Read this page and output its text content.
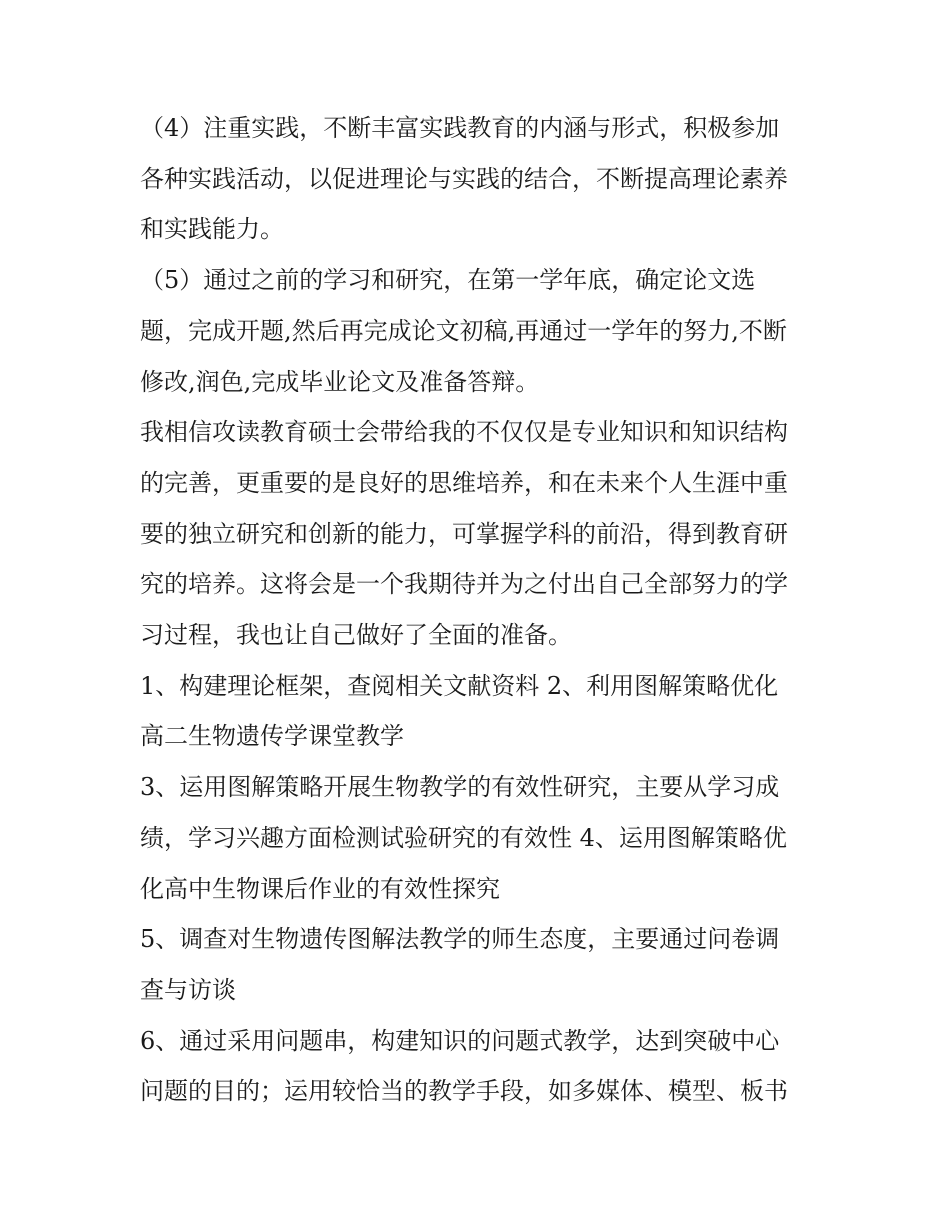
（4）注重实践，不断丰富实践教育的内涵与形式，积极参加

各种实践活动，以促进理论与实践的结合，不断提高理论素养

和实践能力。

（5）通过之前的学习和研究，在第一学年底，确定论文选

题，完成开题,然后再完成论文初稿,再通过一学年的努力,不断

修改,润色,完成毕业论文及准备答辩。

我相信攻读教育硕士会带给我的不仅仅是专业知识和知识结构

的完善，更重要的是良好的思维培养，和在未来个人生涯中重

要的独立研究和创新的能力，可掌握学科的前沿，得到教育研

究的培养。这将会是一个我期待并为之付出自己全部努力的学

习过程，我也让自己做好了全面的准备。

1、构建理论框架，查阅相关文献资料 2、利用图解策略优化

高二生物遗传学课堂教学

3、运用图解策略开展生物教学的有效性研究，主要从学习成

绩，学习兴趣方面检测试验研究的有效性 4、运用图解策略优

化高中生物课后作业的有效性探究

5、调查对生物遗传图解法教学的师生态度，主要通过问卷调

查与访谈

6、通过采用问题串，构建知识的问题式教学，达到突破中心

问题的目的；运用较恰当的教学手段，如多媒体、模型、板书
